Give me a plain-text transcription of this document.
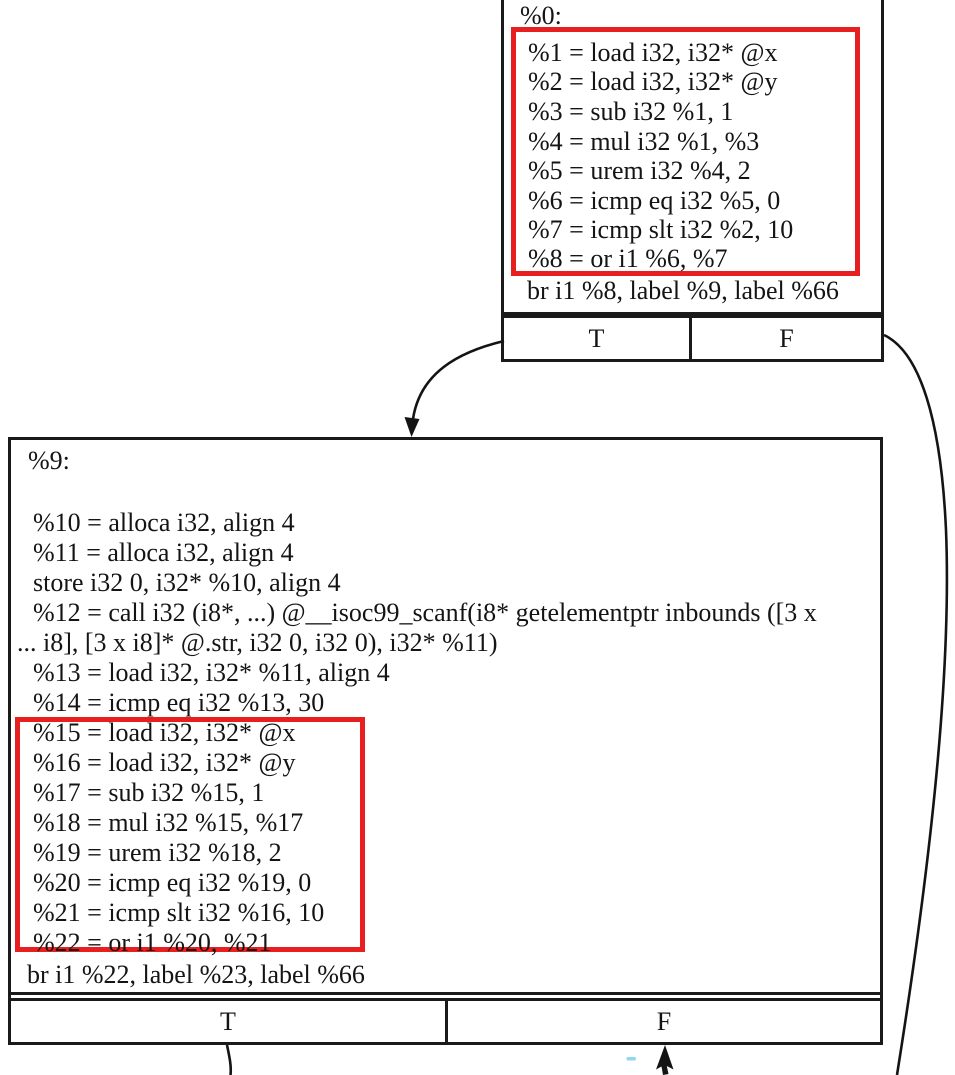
%0:
%1 = load i32, i32* @x
%2 = load i32, i32* @y
%3 = sub i32 %1, 1
%4 = mul i32 %1, %3
%5 = urem i32 %4, 2
%6 = icmp eq i32 %5, 0
%7 = icmp slt i32 %2, 10
%8 = or i1 %6, %7
br i1 %8, label %9, label %66
T	F
%9:
%10 = alloca i32, align 4
%11 = alloca i32, align 4
store i32 0, i32* %10, align 4
%12 = call i32 (i8*, ...) @__isoc99_scanf(i8* getelementptr inbounds ([3 x
... i8], [3 x i8]* @.str, i32 0, i32 0), i32* %11)
%13 = load i32, i32* %11, align 4
%14 = icmp eq i32 %13, 30
%15 = load i32, i32* @x
%16 = load i32, i32* @y
%17 = sub i32 %15, 1
%18 = mul i32 %15, %17
%19 = urem i32 %18, 2
%20 = icmp eq i32 %19, 0
%21 = icmp slt i32 %16, 10
%22 = or i1 %20, %21
br i1 %22, label %23, label %66
T	F
